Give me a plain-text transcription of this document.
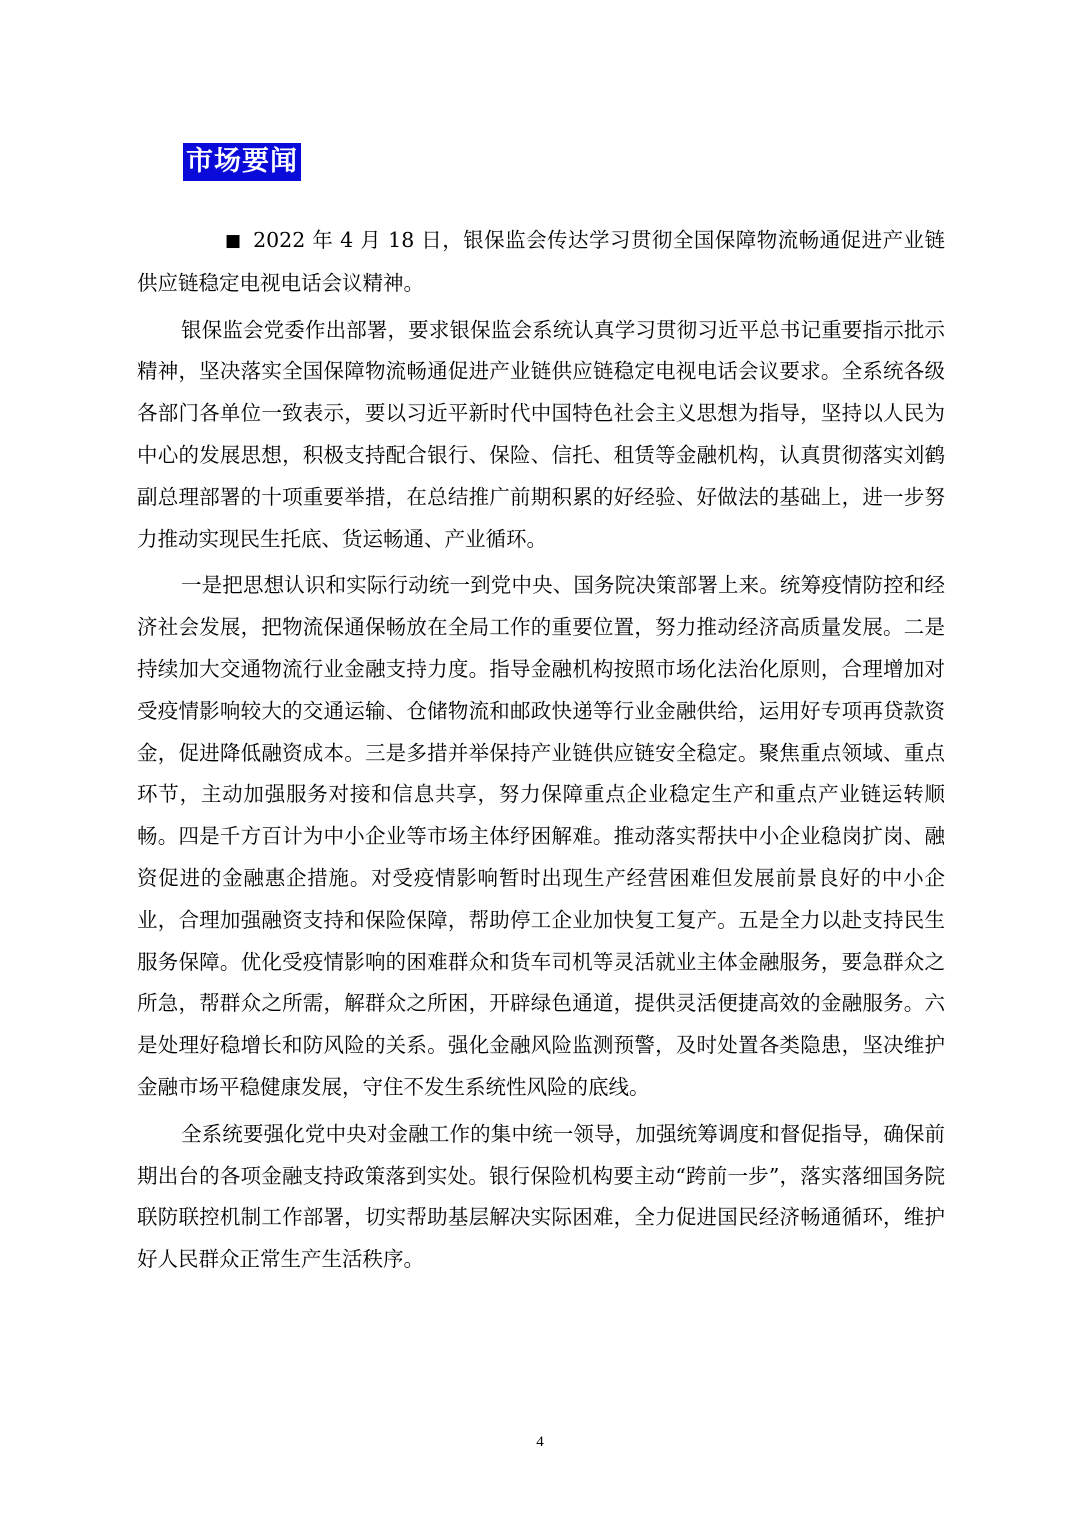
市场要闻

■ 2022 年 4 月 18 日，银保监会传达学习贯彻全国保障物流畅通促进产业链供应链稳定电视电话会议精神。

银保监会党委作出部署，要求银保监会系统认真学习贯彻习近平总书记重要指示批示精神，坚决落实全国保障物流畅通促进产业链供应链稳定电视电话会议要求。全系统各级各部门各单位一致表示，要以习近平新时代中国特色社会主义思想为指导，坚持以人民为中心的发展思想，积极支持配合银行、保险、信托、租赁等金融机构，认真贯彻落实刘鹤副总理部署的十项重要举措，在总结推广前期积累的好经验、好做法的基础上，进一步努力推动实现民生托底、货运畅通、产业循环。

一是把思想认识和实际行动统一到党中央、国务院决策部署上来。统筹疫情防控和经济社会发展，把物流保通保畅放在全局工作的重要位置，努力推动经济高质量发展。二是持续加大交通物流行业金融支持力度。指导金融机构按照市场化法治化原则，合理增加对受疫情影响较大的交通运输、仓储物流和邮政快递等行业金融供给，运用好专项再贷款资金，促进降低融资成本。三是多措并举保持产业链供应链安全稳定。聚焦重点领域、重点环节，主动加强服务对接和信息共享，努力保障重点企业稳定生产和重点产业链运转顺畅。四是千方百计为中小企业等市场主体纾困解难。推动落实帮扶中小企业稳岗扩岗、融资促进的金融惠企措施。对受疫情影响暂时出现生产经营困难但发展前景良好的中小企业，合理加强融资支持和保险保障，帮助停工企业加快复工复产。五是全力以赴支持民生服务保障。优化受疫情影响的困难群众和货车司机等灵活就业主体金融服务，要急群众之所急，帮群众之所需，解群众之所困，开辟绿色通道，提供灵活便捷高效的金融服务。六是处理好稳增长和防风险的关系。强化金融风险监测预警，及时处置各类隐患，坚决维护金融市场平稳健康发展，守住不发生系统性风险的底线。

全系统要强化党中央对金融工作的集中统一领导，加强统筹调度和督促指导，确保前期出台的各项金融支持政策落到实处。银行保险机构要主动“跨前一步”，落实落细国务院联防联控机制工作部署，切实帮助基层解决实际困难，全力促进国民经济畅通循环，维护好人民群众正常生产生活秩序。

4
